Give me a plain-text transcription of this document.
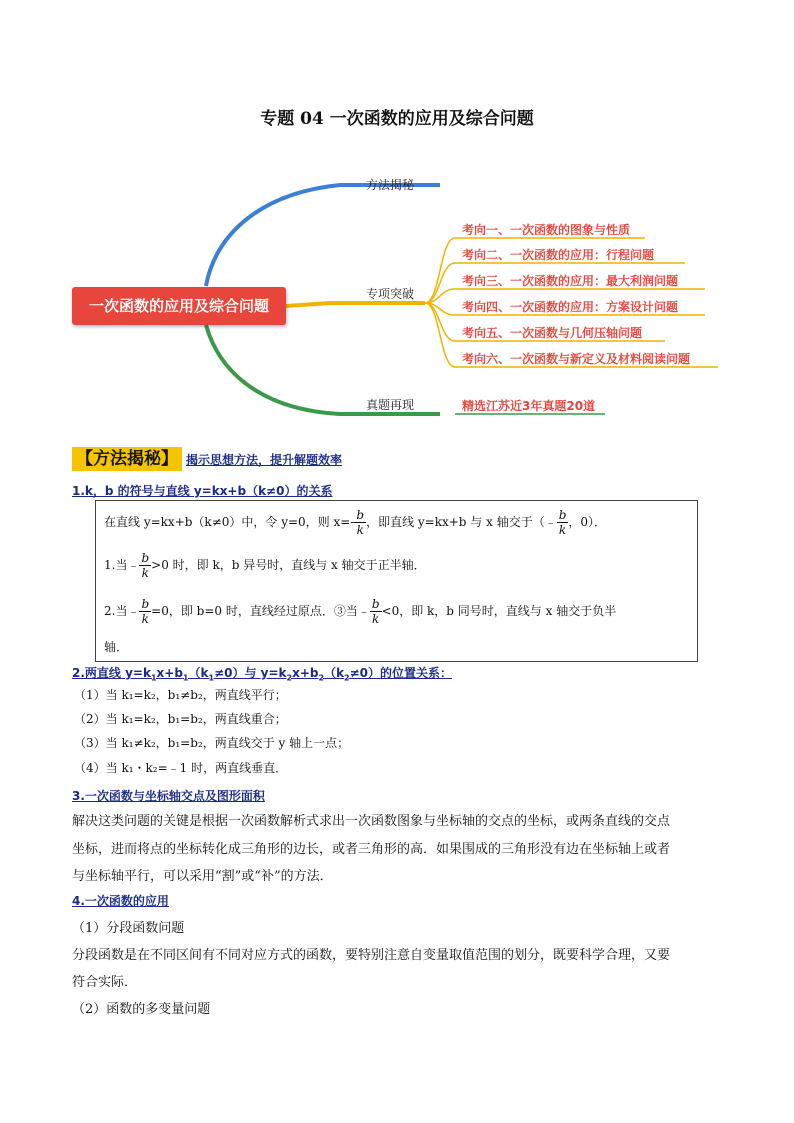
专题 04 一次函数的应用及综合问题
一次函数的应用及综合问题
方法揭秘
专项突破
真题再现
考向一、一次函数的图象与性质
考向二、一次函数的应用：行程问题
考向三、一次函数的应用：最大利润问题
考向四、一次函数的应用：方案设计问题
考向五、一次函数与几何压轴问题
考向六、一次函数与新定义及材料阅读问题
精选江苏近3年真题20道
【方法揭秘】 揭示思想方法，提升解题效率
1.k，b 的符号与直线 y=kx+b（k≠0）的关系
在直线 y=kx+b（k≠0）中，令 y=0，则 $x=- \frac{b}{k}$ ，即直线 y=kx+b 与 x 轴交于（﹣ $\frac{b}{k}$ ，0）．
1.当﹣ $\frac{b}{k} >0$ 时，即 k，b 异号时，直线与 x 轴交于正半轴．
2.当﹣ $\frac{b}{k} =0$，即 b=0 时，直线经过原点．③当﹣ $\frac{b}{k} <0$，即 k，b 同号时，直线与 x 轴交于负半
轴．
2.两直线 $y=k_1x+b_1(k_1\ne 0)$与 $y=k_2x+b_2(k_2\ne 0)$的位置关系：
（1）当 k₁=k₂，b₁≠b₂，两直线平行；
（2）当 k₁=k₂，b₁=b₂，两直线重合；
（3）当 k₁≠k₂，b₁=b₂，两直线交于 y 轴上一点；
（4）当 k₁・k₂=﹣1 时，两直线垂直．
3.一次函数与坐标轴交点及图形面积
解决这类问题的关键是根据一次函数解析式求出一次函数图象与坐标轴的交点的坐标，或两条直线的交点
坐标，进而将点的坐标转化成三角形的边长，或者三角形的高．如果围成的三角形没有边在坐标轴上或者
与坐标轴平行，可以采用“割”或“补”的方法．
4.一次函数的应用
（1）分段函数问题
分段函数是在不同区间有不同对应方式的函数，要特别注意自变量取值范围的划分，既要科学合理，又要
符合实际．
（2）函数的多变量问题
